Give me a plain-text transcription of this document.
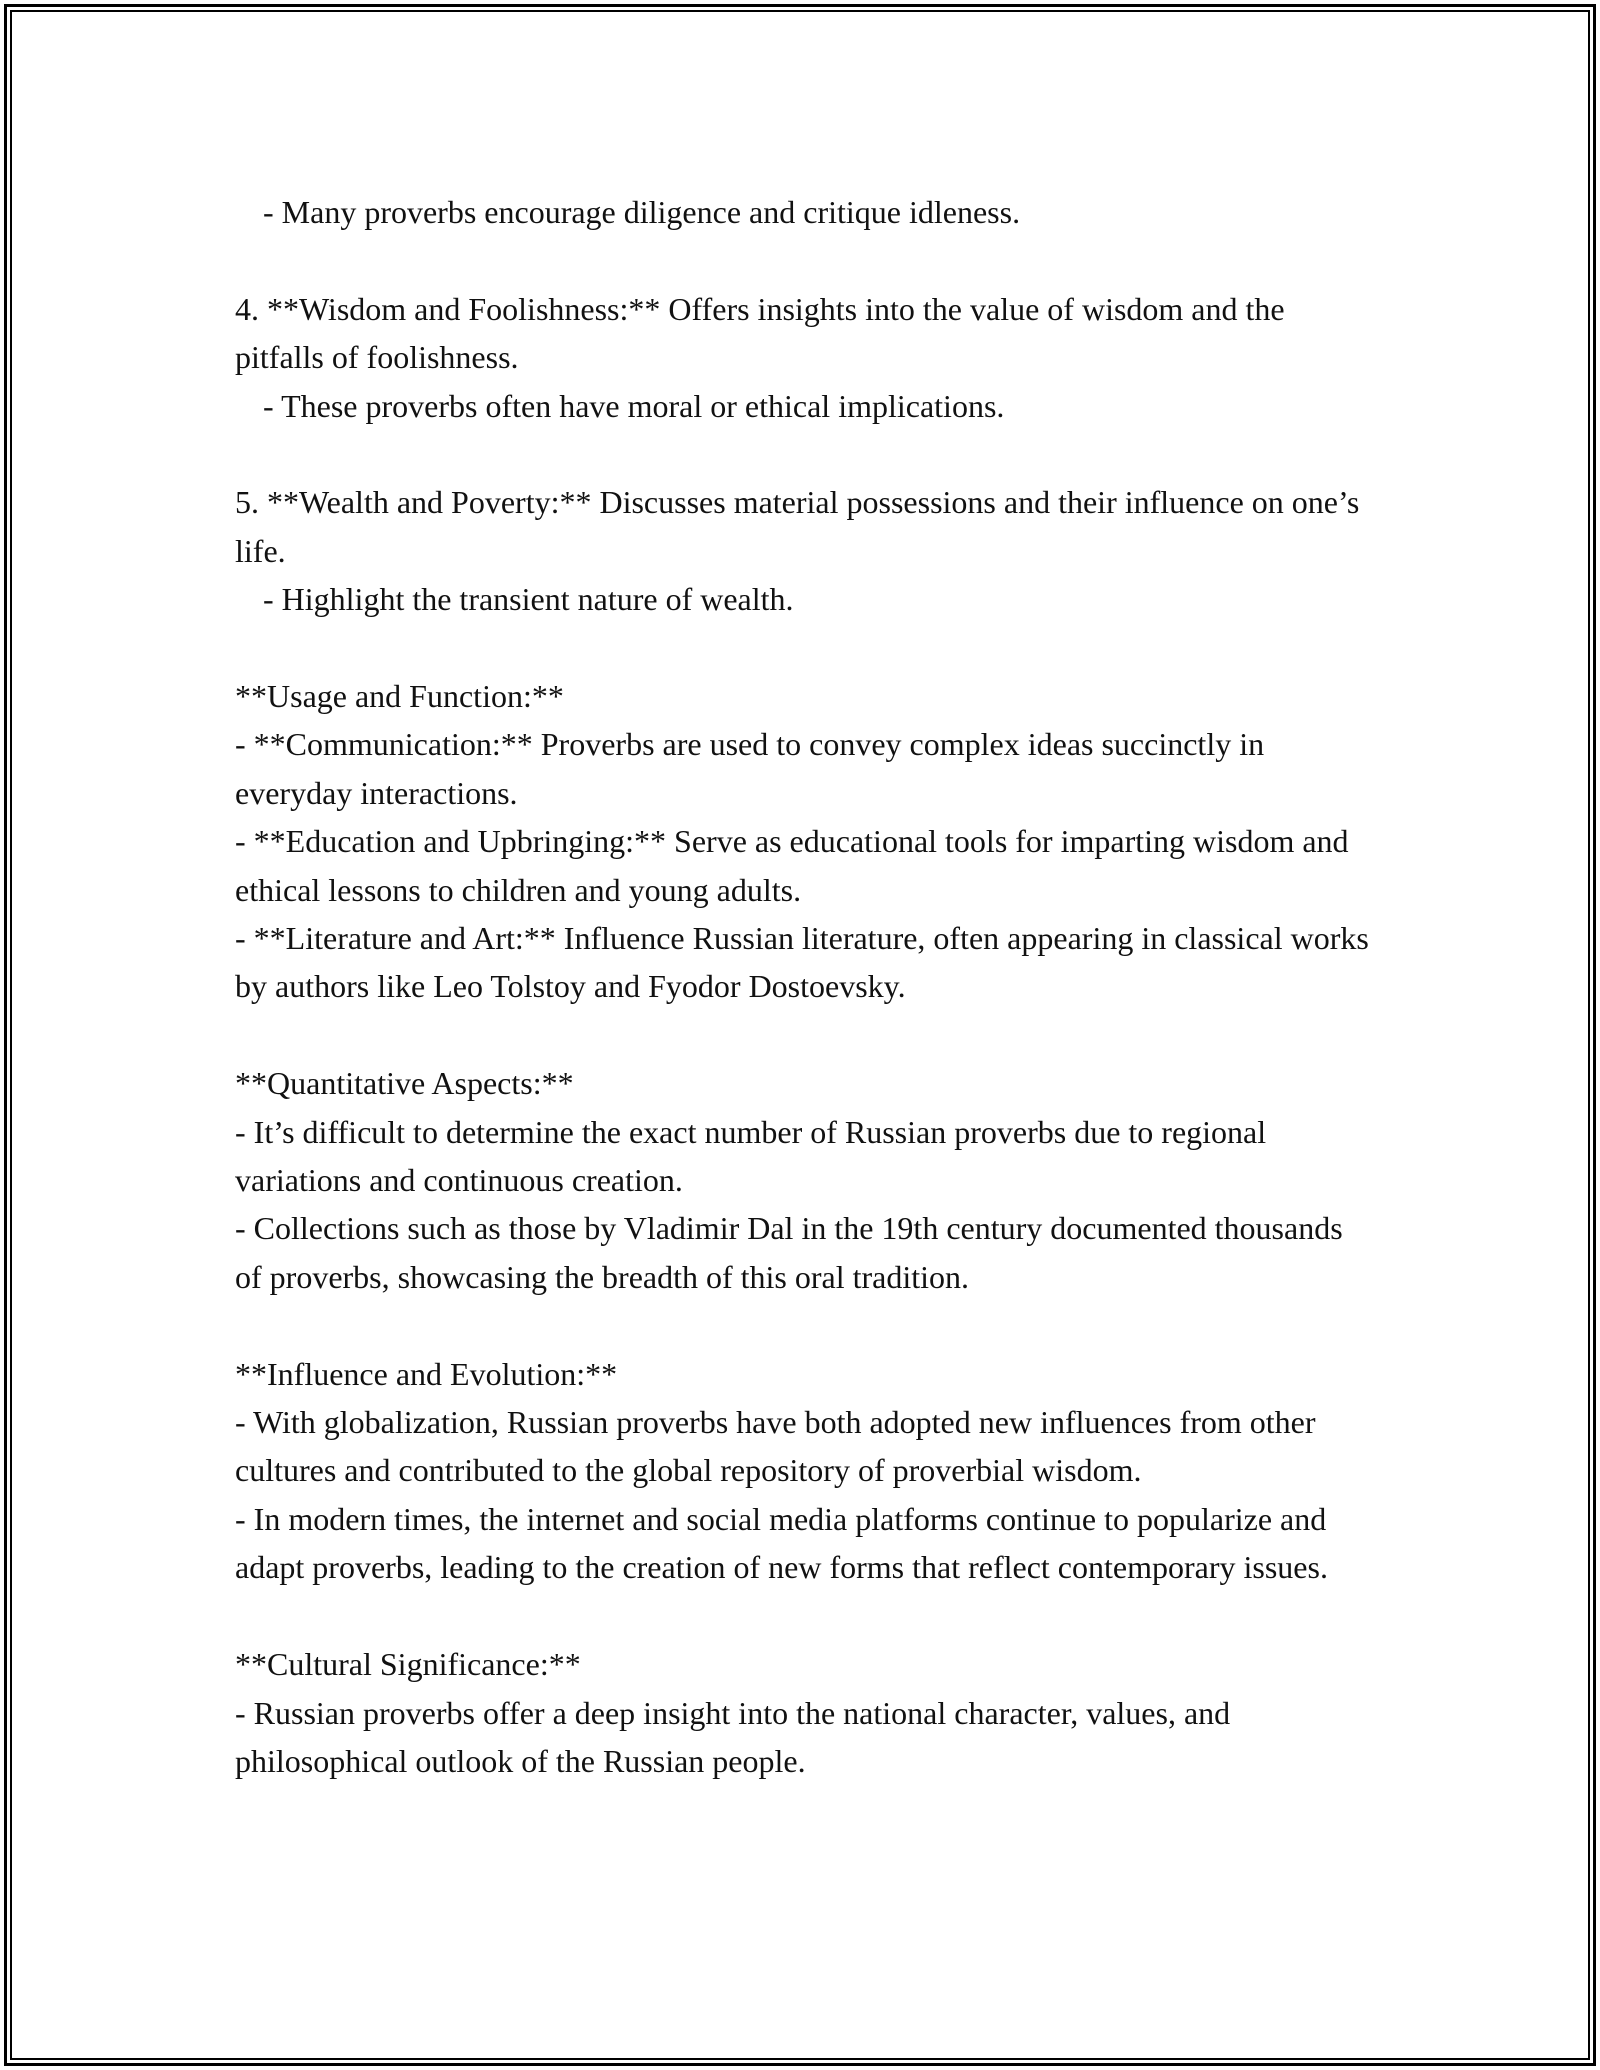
- Many proverbs encourage diligence and critique idleness.

4. **Wisdom and Foolishness:** Offers insights into the value of wisdom and the pitfalls of foolishness.

- These proverbs often have moral or ethical implications.

5. **Wealth and Poverty:** Discusses material possessions and their influence on one’s life.

- Highlight the transient nature of wealth.

**Usage and Function:**

- **Communication:** Proverbs are used to convey complex ideas succinctly in everyday interactions.

- **Education and Upbringing:** Serve as educational tools for imparting wisdom and ethical lessons to children and young adults.

- **Literature and Art:** Influence Russian literature, often appearing in classical works by authors like Leo Tolstoy and Fyodor Dostoevsky.

**Quantitative Aspects:**

- It’s difficult to determine the exact number of Russian proverbs due to regional variations and continuous creation.

- Collections such as those by Vladimir Dal in the 19th century documented thousands of proverbs, showcasing the breadth of this oral tradition.

**Influence and Evolution:**

- With globalization, Russian proverbs have both adopted new influences from other cultures and contributed to the global repository of proverbial wisdom.

- In modern times, the internet and social media platforms continue to popularize and adapt proverbs, leading to the creation of new forms that reflect contemporary issues.

**Cultural Significance:**

- Russian proverbs offer a deep insight into the national character, values, and philosophical outlook of the Russian people.
